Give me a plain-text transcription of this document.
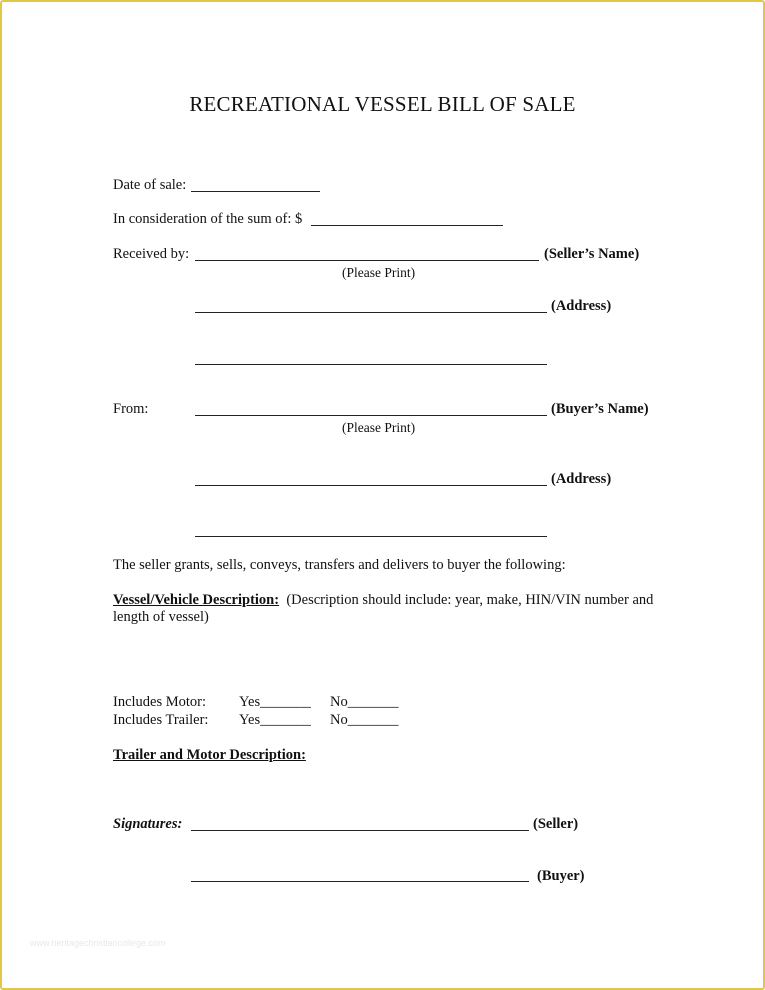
RECREATIONAL VESSEL BILL OF SALE
Date of sale:
In consideration of the sum of: $
Received by:	(Seller’s Name)
(Please Print)
(Address)
From:	(Buyer’s Name)
(Please Print)
(Address)
The seller grants, sells, conveys, transfers and delivers to buyer the following:
Vessel/Vehicle Description: (Description should include: year, make, HIN/VIN number and length of vessel)
Includes Motor: Yes_______ No_______
Includes Trailer: Yes_______ No_______
Trailer and Motor Description:
Signatures:	(Seller)
(Buyer)
www.heritagechristiancollege.com
